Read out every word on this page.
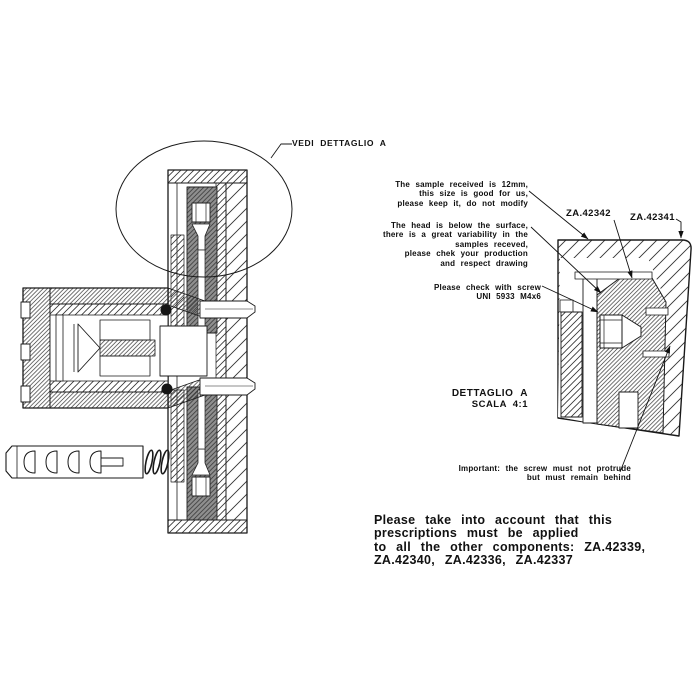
VEDI DETTAGLIO A
The sample received is 12mm,
this size is good for us,
please keep it, do not modify
The head is below the surface,
there is a great variability in the
samples receved,
please chek your production
and respect drawing
Please check with screw
UNI 5933 M4x6
ZA.42342 ZA.42341
DETTAGLIO A
SCALA 4:1
Important: the screw must not protrude
but must remain behind
Please take into account that this
prescriptions must be applied
to all the other components: ZA.42339,
ZA.42340, ZA.42336, ZA.42337
